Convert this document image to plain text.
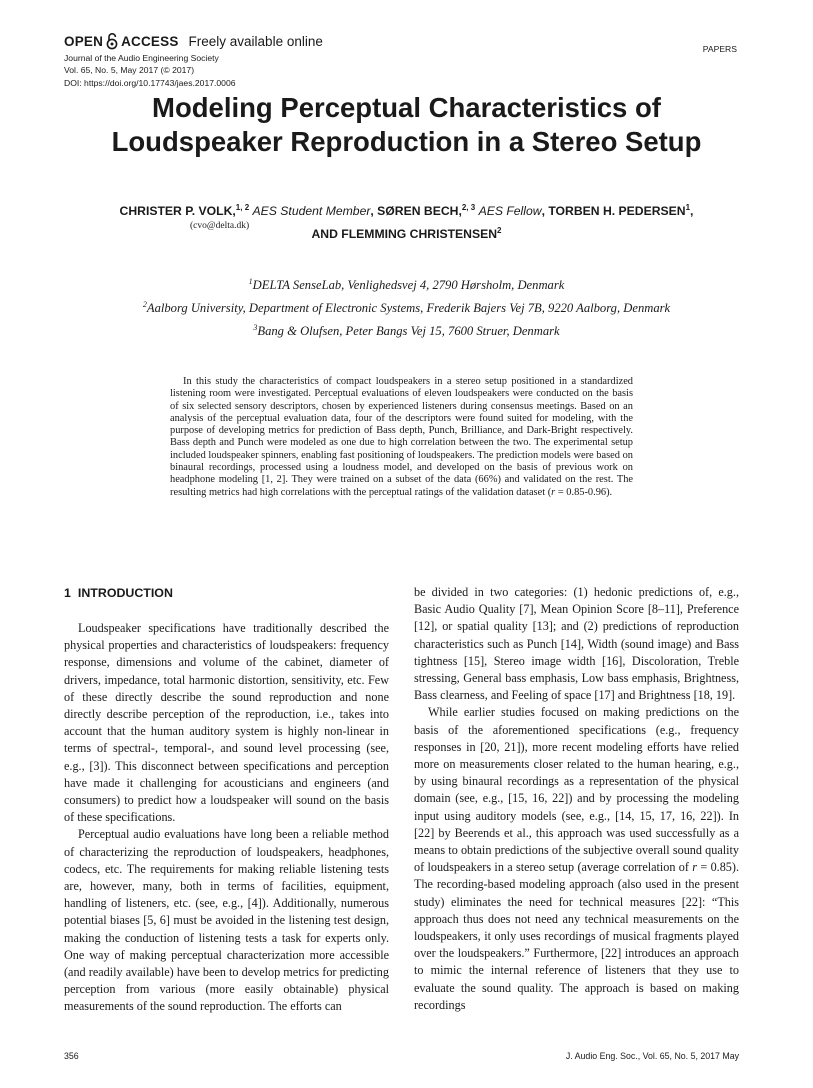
OPEN ACCESS Freely available online
Journal of the Audio Engineering Society
Vol. 65, No. 5, May 2017 (© 2017)
DOI: https://doi.org/10.17743/jaes.2017.0006
PAPERS
Modeling Perceptual Characteristics of
Loudspeaker Reproduction in a Stereo Setup
CHRISTER P. VOLK,$^{1, 2}$ AES Student Member, SØREN BECH,$^{2, 3}$ AES Fellow, TORBEN H. PEDERSEN$^1$,
(cvo@delta.dk)
AND FLEMMING CHRISTENSEN$^2$
$^1$DELTA SenseLab, Venlighedsvej 4, 2790 Hørsholm, Denmark
$^2$Aalborg University, Department of Electronic Systems, Frederik Bajers Vej 7B, 9220 Aalborg, Denmark
$^3$Bang & Olufsen, Peter Bangs Vej 15, 7600 Struer, Denmark

In this study the characteristics of compact loudspeakers in a stereo setup positioned in a standardized listening room were investigated. Perceptual evaluations of eleven loudspeakers were conducted on the basis of six selected sensory descriptors, chosen by experienced listeners during consensus meetings. Based on an analysis of the perceptual evaluation data, four of the descriptors were found suited for modeling, with the purpose of developing metrics for prediction of Bass depth, Punch, Brilliance, and Dark-Bright respectively. Bass depth and Punch were modeled as one due to high correlation between the two. The experimental setup included loudspeaker spinners, enabling fast positioning of loudspeakers. The prediction models were based on binaural recordings, processed using a loudness model, and developed on the basis of previous work on headphone modeling [1, 2]. They were trained on a subset of the data (66%) and validated on the rest. The resulting metrics had high correlations with the perceptual ratings of the validation dataset (r = 0.85-0.96).

1 INTRODUCTION

Loudspeaker specifications have traditionally described the physical properties and characteristics of loudspeakers: frequency response, dimensions and volume of the cabinet, diameter of drivers, impedance, total harmonic distortion, sensitivity, etc. Few of these directly describe the sound reproduction and none directly describe perception of the reproduction, i.e., takes into account that the human auditory system is highly non-linear in terms of spectral-, temporal-, and sound level processing (see, e.g., [3]). This disconnect between specifications and perception have made it challenging for acousticians and engineers (and consumers) to predict how a loudspeaker will sound on the basis of these specifications.

Perceptual audio evaluations have long been a reliable method of characterizing the reproduction of loudspeakers, headphones, codecs, etc. The requirements for making reliable listening tests are, however, many, both in terms of facilities, equipment, handling of listeners, etc. (see, e.g., [4]). Additionally, numerous potential biases [5, 6] must be avoided in the listening test design, making the conduction of listening tests a task for experts only. One way of making perceptual characterization more accessible (and readily available) have been to develop metrics for predicting perception from various (more easily obtainable) physical measurements of the sound reproduction. The efforts can

be divided in two categories: (1) hedonic predictions of, e.g., Basic Audio Quality [7], Mean Opinion Score [8–11], Preference [12], or spatial quality [13]; and (2) predictions of reproduction characteristics such as Punch [14], Width (sound image) and Bass tightness [15], Stereo image width [16], Discoloration, Treble stressing, General bass emphasis, Low bass emphasis, Brightness, Bass clearness, and Feeling of space [17] and Brightness [18, 19].

While earlier studies focused on making predictions on the basis of the aforementioned specifications (e.g., frequency responses in [20, 21]), more recent modeling efforts have relied more on measurements closer related to the human hearing, e.g., by using binaural recordings as a representation of the physical domain (see, e.g., [15, 16, 22]) and by processing the modeling input using auditory models (see, e.g., [14, 15, 17, 16, 22]). In [22] by Beerends et al., this approach was used successfully as a means to obtain predictions of the subjective overall sound quality of loudspeakers in a stereo setup (average correlation of r = 0.85). The recording-based modeling approach (also used in the present study) eliminates the need for technical measures [22]: “This approach thus does not need any technical measurements on the loudspeakers, it only uses recordings of musical fragments played over the loudspeakers.” Furthermore, [22] introduces an approach to mimic the internal reference of listeners that they use to evaluate the sound quality. The approach is based on making recordings

356	J. Audio Eng. Soc., Vol. 65, No. 5, 2017 May
